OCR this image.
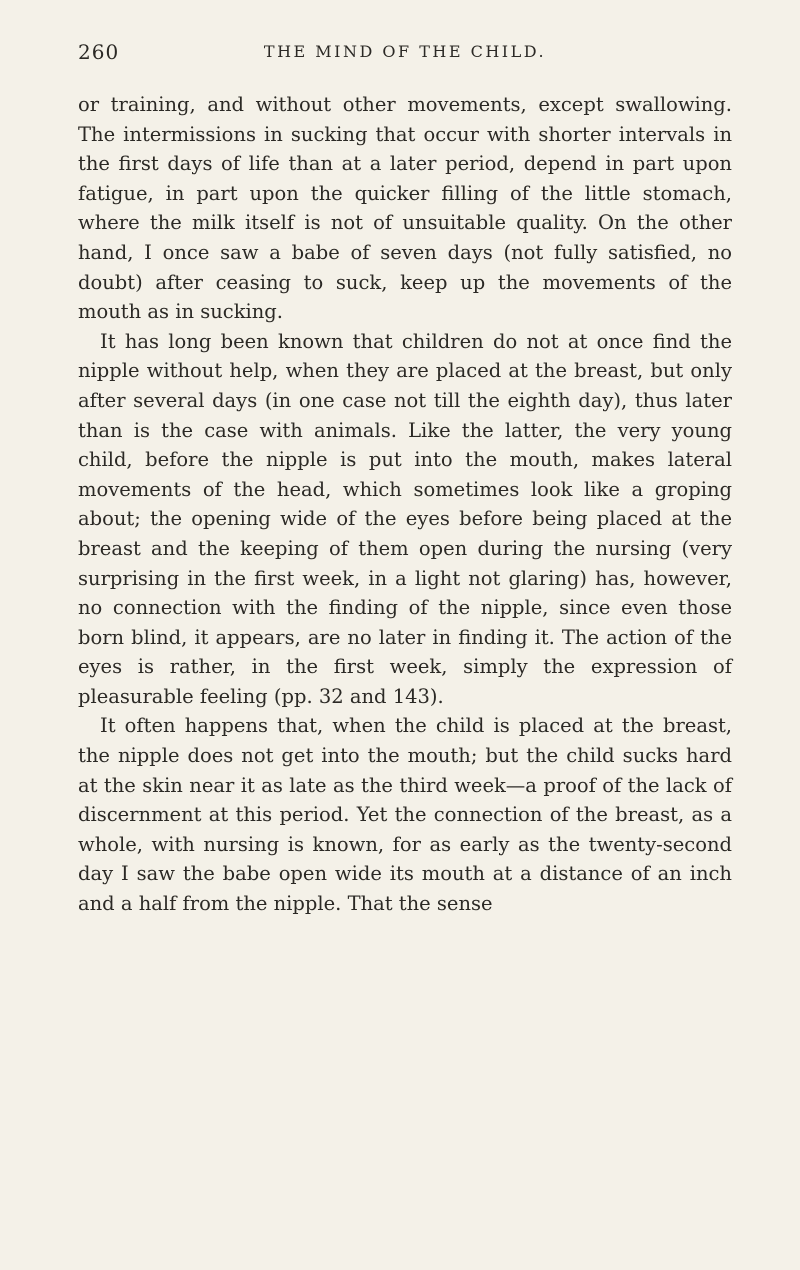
260	THE MIND OF THE CHILD.

or training, and without other movements, except swallowing. The intermissions in sucking that occur with shorter intervals in the first days of life than at a later period, depend in part upon fatigue, in part upon the quicker filling of the little stomach, where the milk itself is not of unsuitable quality. On the other hand, I once saw a babe of seven days (not fully satisfied, no doubt) after ceasing to suck, keep up the movements of the mouth as in sucking.

It has long been known that children do not at once find the nipple without help, when they are placed at the breast, but only after several days (in one case not till the eighth day), thus later than is the case with animals. Like the latter, the very young child, before the nipple is put into the mouth, makes lateral movements of the head, which sometimes look like a groping about; the opening wide of the eyes before being placed at the breast and the keeping of them open during the nursing (very surprising in the first week, in a light not glaring) has, however, no connection with the finding of the nipple, since even those born blind, it appears, are no later in finding it. The action of the eyes is rather, in the first week, simply the expression of pleasurable feeling (pp. 32 and 143).

It often happens that, when the child is placed at the breast, the nipple does not get into the mouth; but the child sucks hard at the skin near it as late as the third week—a proof of the lack of discernment at this period. Yet the connection of the breast, as a whole, with nursing is known, for as early as the twenty-second day I saw the babe open wide its mouth at a distance of an inch and a half from the nipple. That the sense
